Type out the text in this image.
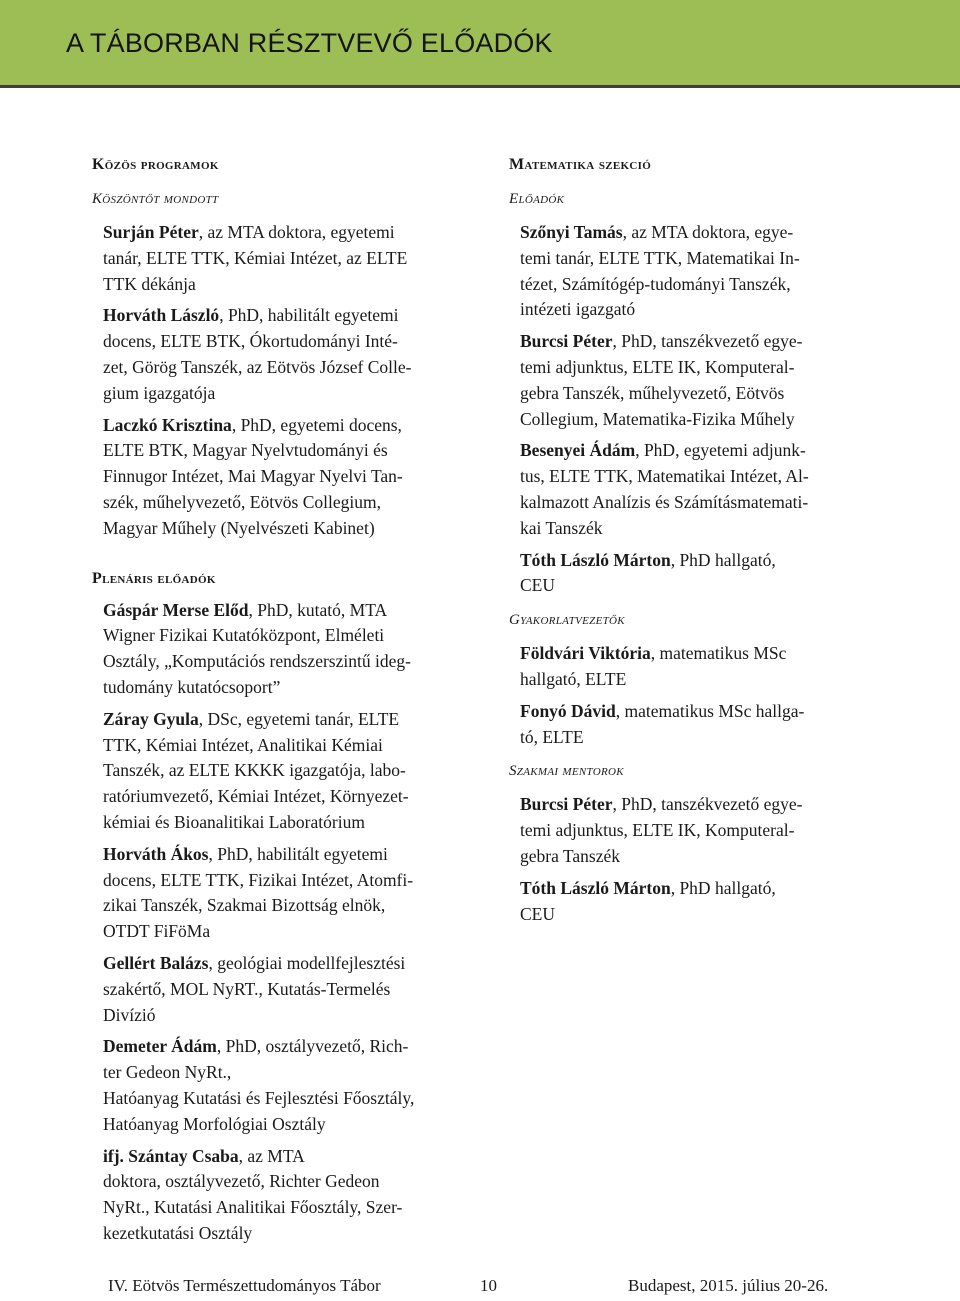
A TÁBORBAN RÉSZTVEVŐ ELŐADÓK
Közös programok
Köszöntőt mondott
Surján Péter, az MTA doktora, egyetemi
tanár, ELTE TTK, Kémiai Intézet, az ELTE
TTK dékánja
Horváth László, PhD, habilitált egyetemi
docens, ELTE BTK, Ókortudományi Inté-
zet, Görög Tanszék, az Eötvös József Colle-
gium igazgatója
Laczkó Krisztina, PhD, egyetemi docens,
ELTE BTK, Magyar Nyelvtudományi és
Finnugor Intézet, Mai Magyar Nyelvi Tan-
szék, műhelyvezető, Eötvös Collegium,
Magyar Műhely (Nyelvészeti Kabinet)
Plenáris előadók
Gáspár Merse Előd, PhD, kutató, MTA
Wigner Fizikai Kutatóközpont, Elméleti
Osztály, „Komputációs rendszerszintű ideg-
tudomány kutatócsoport”
Záray Gyula, DSc, egyetemi tanár, ELTE
TTK, Kémiai Intézet, Analitikai Kémiai
Tanszék, az ELTE KKKK igazgatója, labo-
ratóriumvezető, Kémiai Intézet, Környezet-
kémiai és Bioanalitikai Laboratórium
Horváth Ákos, PhD, habilitált egyetemi
docens, ELTE TTK, Fizikai Intézet, Atomfi-
zikai Tanszék, Szakmai Bizottság elnök,
OTDT FiFöMa
Gellért Balázs, geológiai modellfejlesztési
szakértő, MOL NyRT., Kutatás-Termelés
Divízió
Demeter Ádám, PhD, osztályvezető, Rich-
ter Gedeon NyRt.,
Hatóanyag Kutatási és Fejlesztési Főosztály,
Hatóanyag Morfológiai Osztály
ifj. Szántay Csaba, az MTA
doktora, osztályvezető, Richter Gedeon
NyRt., Kutatási Analitikai Főosztály, Szer-
kezetkutatási Osztály
Matematika szekció
Előadók
Szőnyi Tamás, az MTA doktora, egye-
temi tanár, ELTE TTK, Matematikai In-
tézet, Számítógép-tudományi Tanszék,
intézeti igazgató
Burcsi Péter, PhD, tanszékvezető egye-
temi adjunktus, ELTE IK, Komputeral-
gebra Tanszék, műhelyvezető, Eötvös
Collegium, Matematika-Fizika Műhely
Besenyei Ádám, PhD, egyetemi adjunk-
tus, ELTE TTK, Matematikai Intézet, Al-
kalmazott Analízis és Számításmatemati-
kai Tanszék
Tóth László Márton, PhD hallgató,
CEU
Gyakorlatvezetők
Földvári Viktória, matematikus MSc
hallgató, ELTE
Fonyó Dávid, matematikus MSc hallga-
tó, ELTE
Szakmai mentorok
Burcsi Péter, PhD, tanszékvezető egye-
temi adjunktus, ELTE IK, Komputeral-
gebra Tanszék
Tóth László Márton, PhD hallgató,
CEU
IV. Eötvös Természettudományos Tábor	10	Budapest, 2015. július 20-26.
